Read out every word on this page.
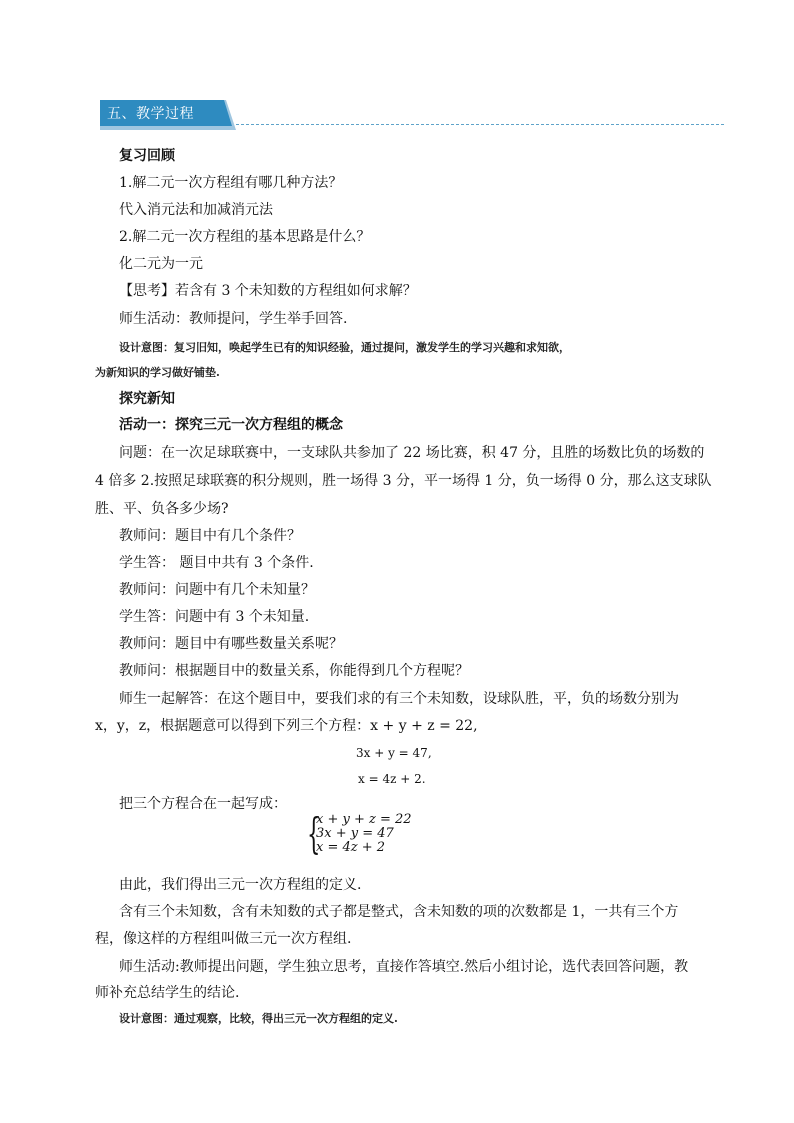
五、教学过程
复习回顾
1.解二元一次方程组有哪几种方法？
代入消元法和加减消元法
2.解二元一次方程组的基本思路是什么？
化二元为一元
【思考】若含有 3 个未知数的方程组如何求解？
师生活动：教师提问，学生举手回答.
设计意图：复习旧知，唤起学生已有的知识经验，通过提问，激发学生的学习兴趣和求知欲，
为新知识的学习做好铺垫.
探究新知
活动一：探究三元一次方程组的概念
问题：在一次足球联赛中，一支球队共参加了 22 场比赛，积 47 分，且胜的场数比负的场数的
4 倍多 2.按照足球联赛的积分规则，胜一场得 3 分，平一场得 1 分，负一场得 0 分，那么这支球队
胜、平、负各多少场?
教师问：题目中有几个条件？
学生答： 题目中共有 3 个条件.
教师问：问题中有几个未知量？
学生答：问题中有 3 个未知量.
教师问：题目中有哪些数量关系呢？
教师问：根据题目中的数量关系，你能得到几个方程呢？
师生一起解答：在这个题目中，要我们求的有三个未知数，设球队胜，平，负的场数分别为
x，y，z，根据题意可以得到下列三个方程：x + y + z = 22,
3x + y = 47,
x = 4z + 2.
把三个方程合在一起写成：
{
x + y + z = 22
3x + y = 47
x = 4z + 2
由此，我们得出三元一次方程组的定义.
含有三个未知数，含有未知数的式子都是整式，含未知数的项的次数都是 1，一共有三个方
程，像这样的方程组叫做三元一次方程组.
师生活动:教师提出问题，学生独立思考，直接作答填空.然后小组讨论，选代表回答问题，教
师补充总结学生的结论.
设计意图：通过观察，比较，得出三元一次方程组的定义.
